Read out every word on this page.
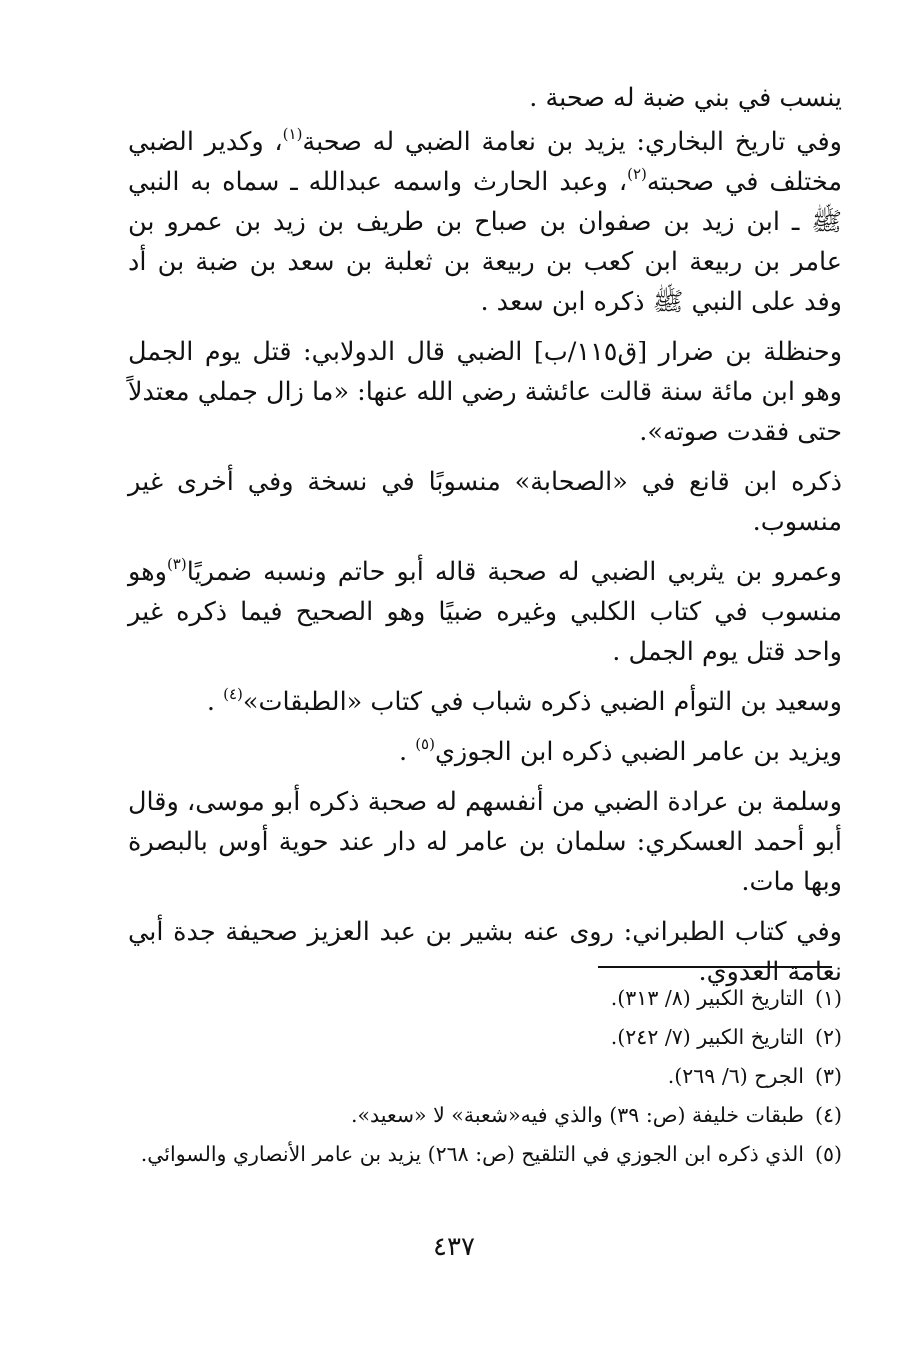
ينسب في بني ضبة له صحبة .

وفي تاريخ البخاري: يزيد بن نعامة الضبي له صحبة$^{(١)}$، وكدير الضبي مختلف في صحبته$^{(٢)}$، وعبد الحارث واسمه عبدالله ـ سماه به النبي ﷺ ـ ابن زيد بن صفوان بن صباح بن طريف بن زيد بن عمرو بن عامر بن ربيعة ابن كعب بن ربيعة بن ثعلبة بن سعد بن ضبة بن أد وفد على النبي ﷺ ذكره ابن سعد .

وحنظلة بن ضرار [ق١١٥/ب] الضبي قال الدولابي: قتل يوم الجمل وهو ابن مائة سنة قالت عائشة رضي الله عنها: «ما زال جملي معتدلاً حتى فقدت صوته».

ذكره ابن قانع في «الصحابة» منسوبًا في نسخة وفي أخرى غير منسوب.

وعمرو بن يثربي الضبي له صحبة قاله أبو حاتم ونسبه ضمريًا$^{(٣)}$وهو منسوب في كتاب الكلبي وغيره ضبيًا وهو الصحيح فيما ذكره غير واحد قتل يوم الجمل .

وسعيد بن التوأم الضبي ذكره شباب في كتاب «الطبقات»$^{(٤)}$ .

ويزيد بن عامر الضبي ذكره ابن الجوزي$^{(٥)}$ .

وسلمة بن عرادة الضبي من أنفسهم له صحبة ذكره أبو موسى، وقال أبو أحمد العسكري: سلمان بن عامر له دار عند حوية أوس بالبصرة وبها مات.

وفي كتاب الطبراني: روى عنه بشير بن عبد العزيز صحيفة جدة أبي نعامة العدوي.

(١)
التاريخ الكبير (٨/ ٣١٣).
(٢)
التاريخ الكبير (٧/ ٢٤٢).
(٣)
الجرح (٦/ ٢٦٩).
(٤)
طبقات خليفة (ص: ٣٩) والذي فيه«شعبة» لا «سعيد».
(٥)
الذي ذكره ابن الجوزي في التلقيح (ص: ٢٦٨) يزيد بن عامر الأنصاري والسوائي.
٤٣٧
